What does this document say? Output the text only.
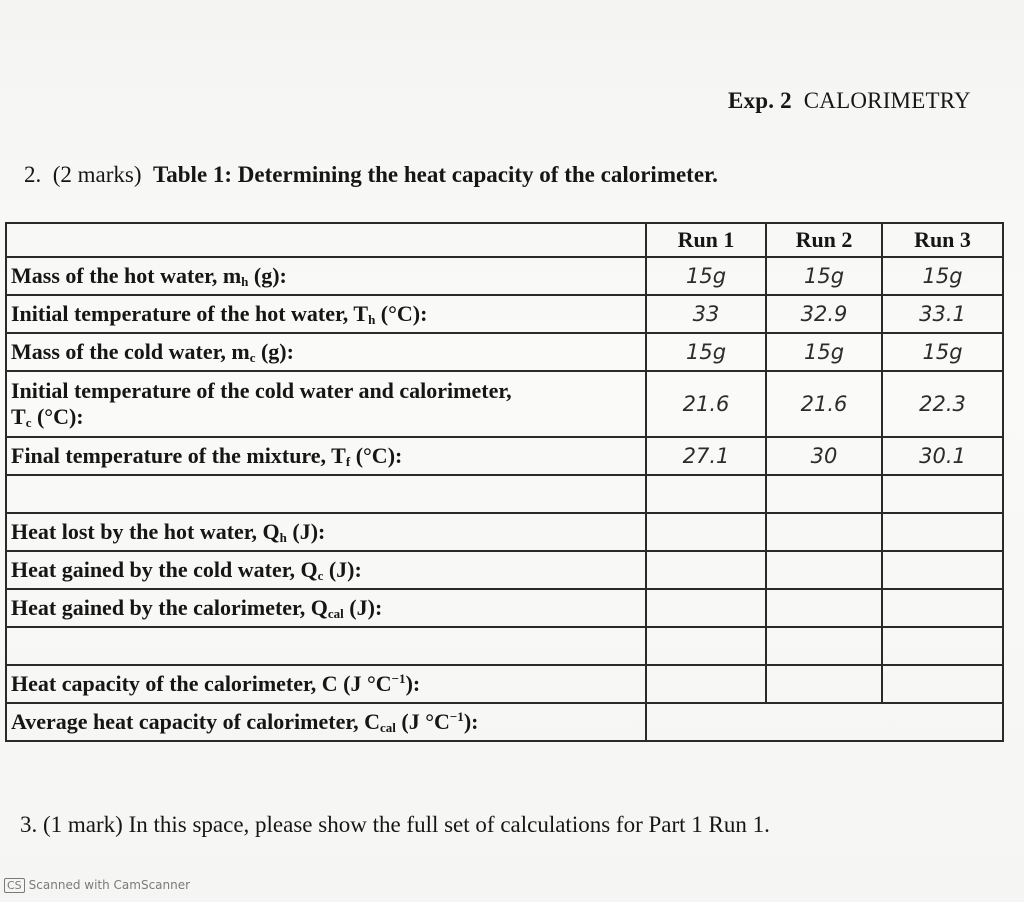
Exp. 2 CALORIMETRY
2. (2 marks) Table 1: Determining the heat capacity of the calorimeter.
	Run 1	Run 2	Run 3
Mass of the hot water, $m_h$ (g):	15g	15g	15g
Initial temperature of the hot water, $T_h$ (°C):	33	32.9	33.1
Mass of the cold water, $m_c$ (g):	15g	15g	15g
Initial temperature of the cold water and calorimeter,
$T_c$ (°C):	21.6	21.6	22.3
Final temperature of the mixture, $T_f$ (°C):	27.1	30	30.1

Heat lost by the hot water, $Q_h$ (J):			
Heat gained by the cold water, $Q_c$ (J):			
Heat gained by the calorimeter, $Q_{cal}$ (J):			

Heat capacity of the calorimeter, C (J $^\circ C^{-1}$):			
Average heat capacity of calorimeter, $C_{cal}$ (J $^\circ C^{-1}$):			
3. (1 mark) In this space, please show the full set of calculations for Part 1 Run 1.
CS Scanned with CamScanner
